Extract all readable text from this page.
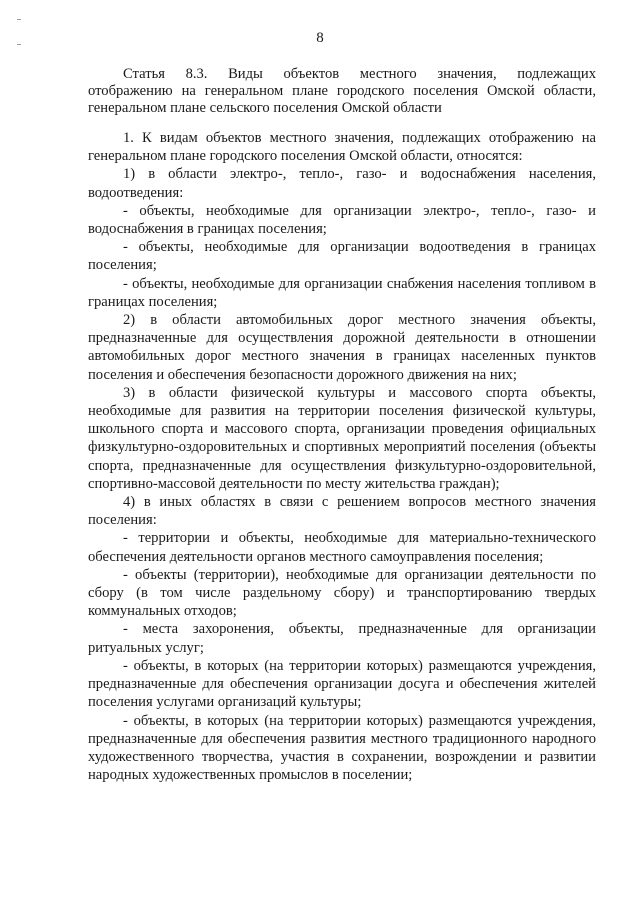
8
Статья 8.3. Виды объектов местного значения, подлежащих
отображению на генеральном плане городского поселения Омской области, генеральном плане сельского поселения Омской области

1. К видам объектов местного значения, подлежащих отображению на генеральном плане городского поселения Омской области, относятся:

1) в области электро-, тепло-, газо- и водоснабжения населения, водоотведения:

- объекты, необходимые для организации электро-, тепло-, газо- и водоснабжения в границах поселения;

- объекты, необходимые для организации водоотведения в границах поселения;

- объекты, необходимые для организации снабжения населения топливом в границах поселения;

2) в области автомобильных дорог местного значения объекты, предназначенные для осуществления дорожной деятельности в отношении автомобильных дорог местного значения в границах населенных пунктов поселения и обеспечения безопасности дорожного движения на них;

3) в области физической культуры и массового спорта объекты, необходимые для развития на территории поселения физической культуры, школьного спорта и массового спорта, организации проведения официальных физкультурно-оздоровительных и спортивных мероприятий поселения (объекты спорта, предназначенные для осуществления физкультурно-оздоровительной, спортивно-массовой деятельности по месту жительства граждан);

4) в иных областях в связи с решением вопросов местного значения поселения:

- территории и объекты, необходимые для материально-технического обеспечения деятельности органов местного самоуправления поселения;

- объекты (территории), необходимые для организации деятельности по сбору (в том числе раздельному сбору) и транспортированию твердых коммунальных отходов;

- места захоронения, объекты, предназначенные для организации ритуальных услуг;

- объекты, в которых (на территории которых) размещаются учреждения, предназначенные для обеспечения организации досуга и обеспечения жителей поселения услугами организаций культуры;

- объекты, в которых (на территории которых) размещаются учреждения, предназначенные для обеспечения развития местного традиционного народного художественного творчества, участия в сохранении, возрождении и развитии народных художественных промыслов в поселении;
